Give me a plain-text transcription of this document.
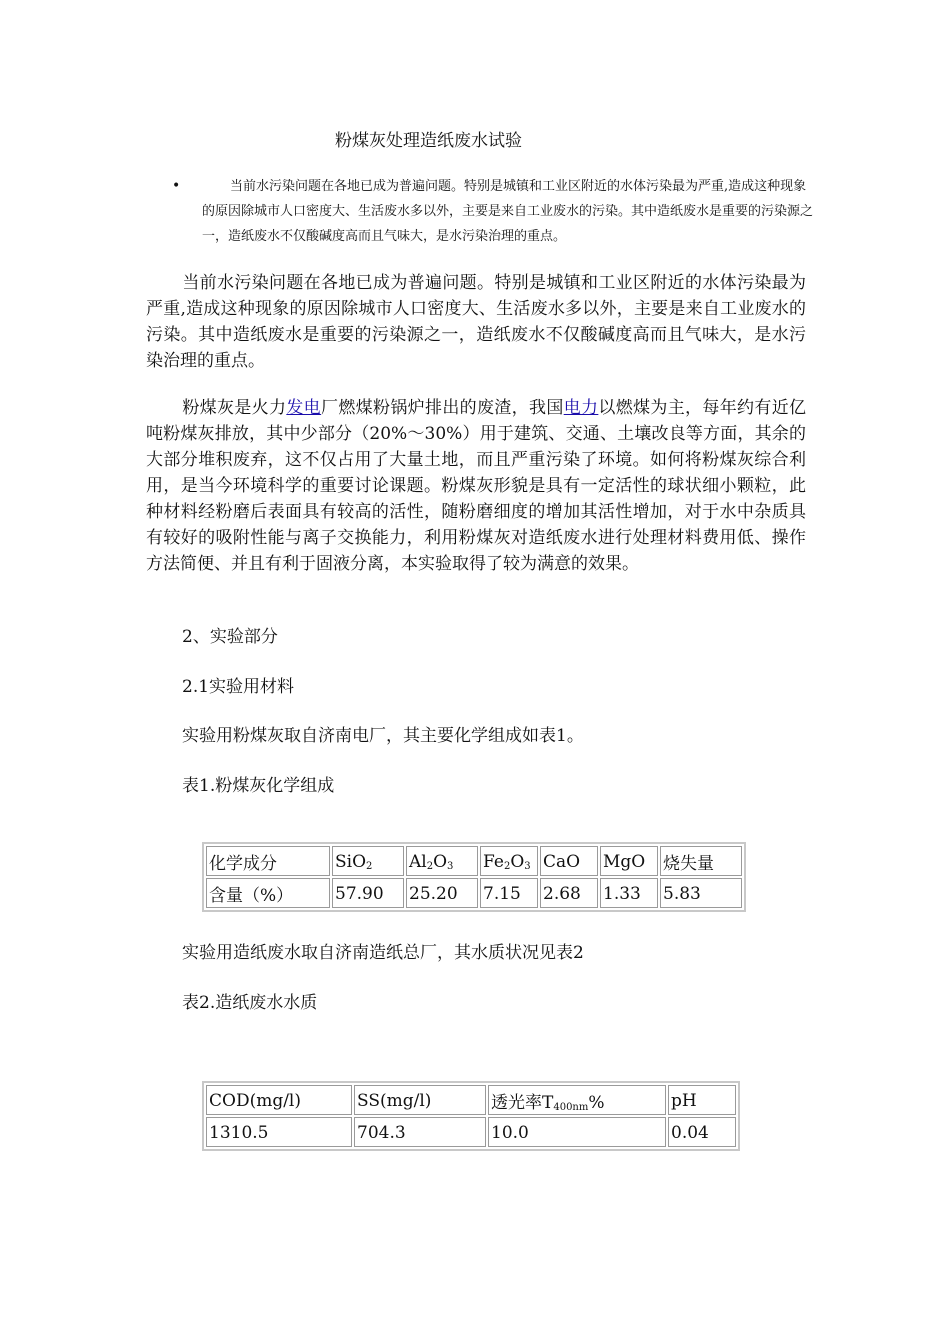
粉煤灰处理造纸废水试验
•	当前水污染问题在各地已成为普遍问题。特别是城镇和工业区附近的水体污染最为严重,造成这种现象的原因除城市人口密度大、生活废水多以外，主要是来自工业废水的污染。其中造纸废水是重要的污染源之一，造纸废水不仅酸碱度高而且气味大，是水污染治理的重点。
当前水污染问题在各地已成为普遍问题。特别是城镇和工业区附近的水体污染最为严重,造成这种现象的原因除城市人口密度大、生活废水多以外，主要是来自工业废水的污染。其中造纸废水是重要的污染源之一，造纸废水不仅酸碱度高而且气味大，是水污染治理的重点。
粉煤灰是火力发电厂燃煤粉锅炉排出的废渣，我国电力以燃煤为主，每年约有近亿吨粉煤灰排放，其中少部分（20%～30%）用于建筑、交通、土壤改良等方面，其余的大部分堆积废弃，这不仅占用了大量土地，而且严重污染了环境。如何将粉煤灰综合利用，是当今环境科学的重要讨论课题。粉煤灰形貌是具有一定活性的球状细小颗粒，此种材料经粉磨后表面具有较高的活性，随粉磨细度的增加其活性增加，对于水中杂质具有较好的吸附性能与离子交换能力，利用粉煤灰对造纸废水进行处理材料费用低、操作方法简便、并且有利于固液分离，本实验取得了较为满意的效果。
2、实验部分
2.1实验用材料
实验用粉煤灰取自济南电厂，其主要化学组成如表1。
表1.粉煤灰化学组成
化学成分	SiO$_2$	$Al_2O_3$	$Fe_2O_3$	CaO	MgO	烧失量
含量（%）	57.90	25.20	7.15	2.68	1.33	5.83
实验用造纸废水取自济南造纸总厂，其水质状况见表2
表2.造纸废水水质
COD(mg/l)	SS(mg/l)	透光率$T_{400nm}\%$	pH
1310.5	704.3	10.0	0.04
